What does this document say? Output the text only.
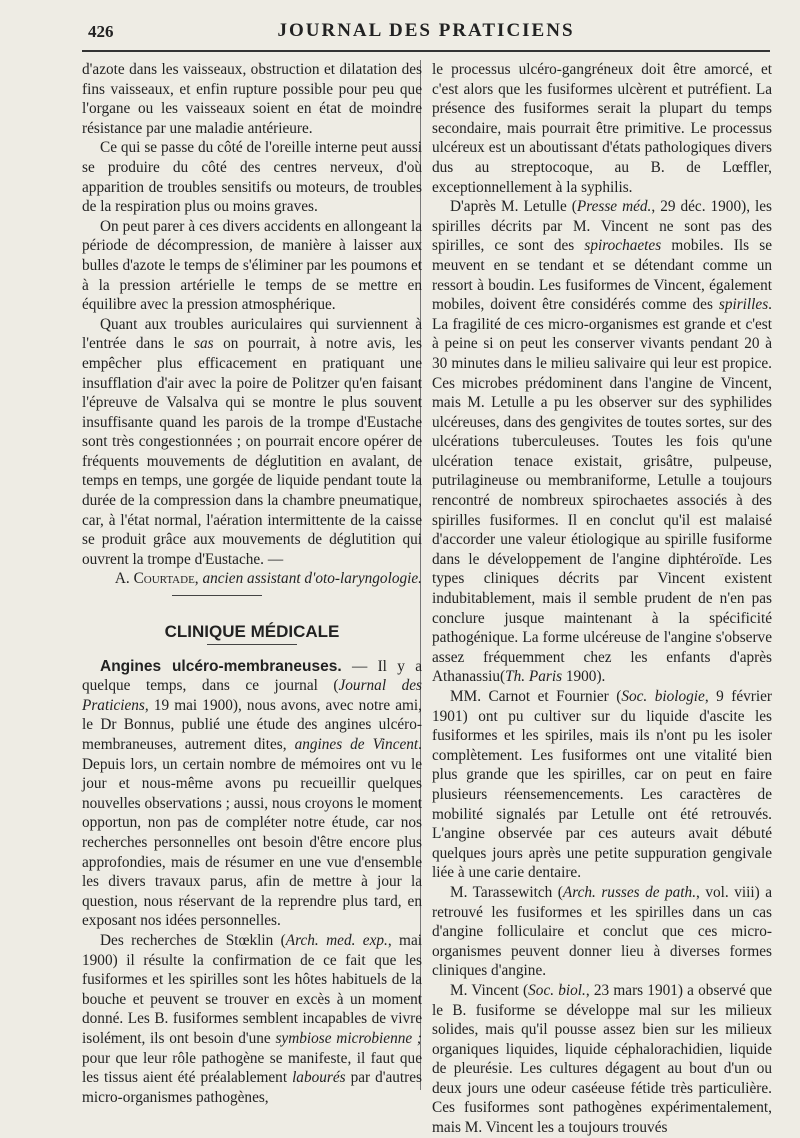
426	JOURNAL DES PRATICIENS

d'azote dans les vaisseaux, obstruction et dilatation des fins vaisseaux, et enfin rupture possible pour peu que l'organe ou les vaisseaux soient en état de moindre résistance par une maladie antérieure.

Ce qui se passe du côté de l'oreille interne peut aussi se produire du côté des centres nerveux, d'où apparition de troubles sensitifs ou moteurs, de troubles de la respiration plus ou moins graves.

On peut parer à ces divers accidents en allongeant la période de décompression, de manière à laisser aux bulles d'azote le temps de s'éliminer par les poumons et à la pression artérielle le temps de se mettre en équilibre avec la pression atmosphérique.

Quant aux troubles auriculaires qui surviennent à l'entrée dans le sas on pourrait, à notre avis, les empêcher plus efficacement en pratiquant une insufflation d'air avec la poire de Politzer qu'en faisant l'épreuve de Valsalva qui se montre le plus souvent insuffisante quand les parois de la trompe d'Eustache sont très congestionnées ; on pourrait encore opérer de fréquents mouvements de déglutition en avalant, de temps en temps, une gorgée de liquide pendant toute la durée de la compression dans la chambre pneumatique, car, à l'état normal, l'aération intermittente de la caisse se produit grâce aux mouvements de déglutition qui ouvrent la trompe d'Eustache. —

A. Courtade, ancien assistant d'oto-laryngologie.

CLINIQUE MÉDICALE

Angines ulcéro-membraneuses. — Il y a quelque temps, dans ce journal (Journal des Praticiens, 19 mai 1900), nous avons, avec notre ami, le Dr Bonnus, publié une étude des angines ulcéro-membraneuses, autrement dites, angines de Vincent. Depuis lors, un certain nombre de mémoires ont vu le jour et nous-même avons pu recueillir quelques nouvelles observations ; aussi, nous croyons le moment opportun, non pas de compléter notre étude, car nos recherches personnelles ont besoin d'être encore plus approfondies, mais de résumer en une vue d'ensemble les divers travaux parus, afin de mettre à jour la question, nous réservant de la reprendre plus tard, en exposant nos idées personnelles.

Des recherches de Stœklin (Arch. med. exp., mai 1900) il résulte la confirmation de ce fait que les fusiformes et les spirilles sont les hôtes habituels de la bouche et peuvent se trouver en excès à un moment donné. Les B. fusiformes semblent incapables de vivre isolément, ils ont besoin d'une symbiose microbienne ; pour que leur rôle pathogène se manifeste, il faut que les tissus aient été préalablement labourés par d'autres micro-organismes pathogènes,

le processus ulcéro-gangréneux doit être amorcé, et c'est alors que les fusiformes ulcèrent et putréfient. La présence des fusiformes serait la plupart du temps secondaire, mais pourrait être primitive. Le processus ulcéreux est un aboutissant d'états pathologiques divers dus au streptocoque, au B. de Lœffler, exceptionnellement à la syphilis.

D'après M. Letulle (Presse méd., 29 déc. 1900), les spirilles décrits par M. Vincent ne sont pas des spirilles, ce sont des spirochaetes mobiles. Ils se meuvent en se tendant et se détendant comme un ressort à boudin. Les fusiformes de Vincent, également mobiles, doivent être considérés comme des spirilles. La fragilité de ces micro-organismes est grande et c'est à peine si on peut les conserver vivants pendant 20 à 30 minutes dans le milieu salivaire qui leur est propice. Ces microbes prédominent dans l'angine de Vincent, mais M. Letulle a pu les observer sur des syphilides ulcéreuses, dans des gengivites de toutes sortes, sur des ulcérations tuberculeuses. Toutes les fois qu'une ulcération tenace existait, grisâtre, pulpeuse, putrilagineuse ou membraniforme, Letulle a toujours rencontré de nombreux spirochaetes associés à des spirilles fusiformes. Il en conclut qu'il est malaisé d'accorder une valeur étiologique au spirille fusiforme dans le développement de l'angine diphtéroïde. Les types cliniques décrits par Vincent existent indubitablement, mais il semble prudent de n'en pas conclure jusque maintenant à la spécificité pathogénique. La forme ulcéreuse de l'angine s'observe assez fréquemment chez les enfants d'après Athanassiu(Th. Paris 1900).

MM. Carnot et Fournier (Soc. biologie, 9 février 1901) ont pu cultiver sur du liquide d'ascite les fusiformes et les spiriles, mais ils n'ont pu les isoler complètement. Les fusiformes ont une vitalité bien plus grande que les spirilles, car on peut en faire plusieurs réensemencements. Les caractères de mobilité signalés par Letulle ont été retrouvés. L'angine observée par ces auteurs avait débuté quelques jours après une petite suppuration gengivale liée à une carie dentaire.

M. Tarassewitch (Arch. russes de path., vol. viii) a retrouvé les fusiformes et les spirilles dans un cas d'angine folliculaire et conclut que ces micro-organismes peuvent donner lieu à diverses formes cliniques d'angine.

M. Vincent (Soc. biol., 23 mars 1901) a observé que le B. fusiforme se développe mal sur les milieux solides, mais qu'il pousse assez bien sur les milieux organiques liquides, liquide céphalorachidien, liquide de pleurésie. Les cultures dégagent au bout d'un ou deux jours une odeur caséeuse fétide très particulière. Ces fusiformes sont pathogènes expérimentalement, mais M. Vincent les a toujours trouvés
